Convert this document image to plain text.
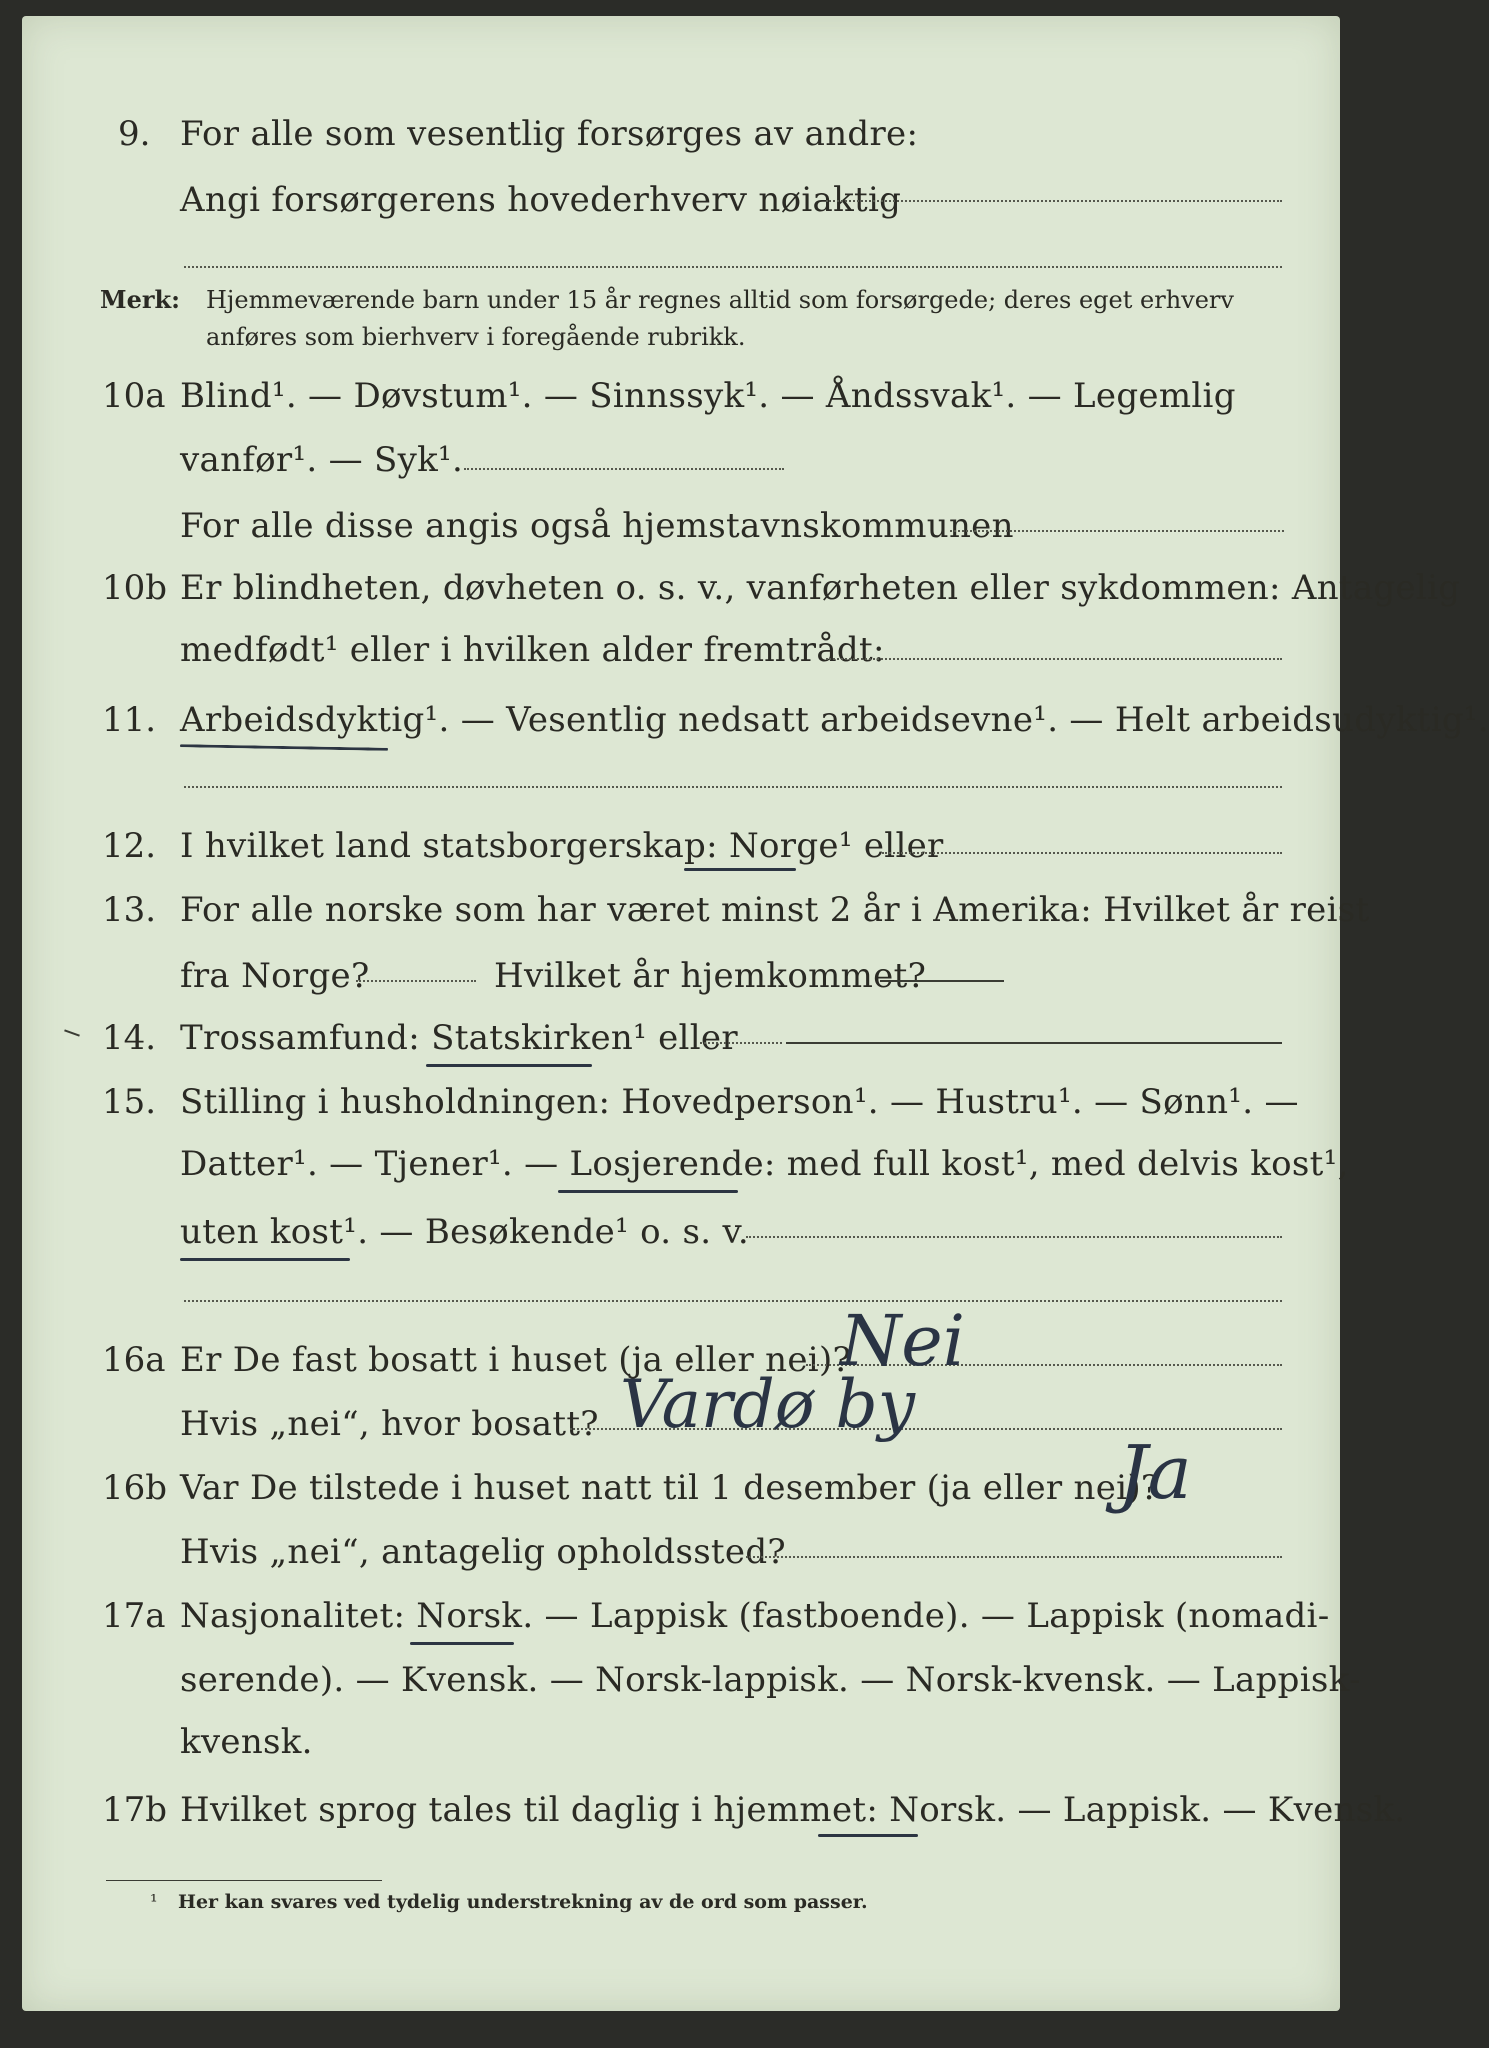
9. For alle som vesentlig forsørges av andre:
Angi forsørgerens hovederhverv nøiaktig
Merk: Hjemmeværende barn under 15 år regnes alltid som forsørgede; deres eget erhverv
anføres som bierhverv i foregående rubrikk.
10a Blind¹. — Døvstum¹. — Sinnssyk¹. — Åndssvak¹. — Legemlig
vanfør¹. — Syk¹.
For alle disse angis også hjemstavnskommunen
10b Er blindheten, døvheten o. s. v., vanførheten eller sykdommen: Antagelig
medfødt¹ eller i hvilken alder fremtrådt:
11. Arbeidsdyktig¹. — Vesentlig nedsatt arbeidsevne¹. — Helt arbeidsudyktig¹.
12. I hvilket land statsborgerskap: Norge¹ eller
13. For alle norske som har været minst 2 år i Amerika: Hvilket år reist
fra Norge?	Hvilket år hjemkommet?
14. Trossamfund: Statskirken¹ eller
15. Stilling i husholdningen: Hovedperson¹. — Hustru¹. — Sønn¹. —
Datter¹. — Tjener¹. — Losjerende: med full kost¹, med delvis kost¹,
uten kost¹. — Besøkende¹ o. s. v.
16a Er De fast bosatt i huset (ja eller nei)?
Nei
Hvis „nei“, hvor bosatt? Vardø by
16b Var De tilstede i huset natt til 1 desember (ja eller nei)?
Ja
Hvis „nei“, antagelig opholdssted?
17a Nasjonalitet: Norsk. — Lappisk (fastboende). — Lappisk (nomadi-
serende). — Kvensk. — Norsk-lappisk. — Norsk-kvensk. — Lappisk-
kvensk.
17b Hvilket sprog tales til daglig i hjemmet: Norsk. — Lappisk. — Kvensk.
¹ Her kan svares ved tydelig understrekning av de ord som passer.
